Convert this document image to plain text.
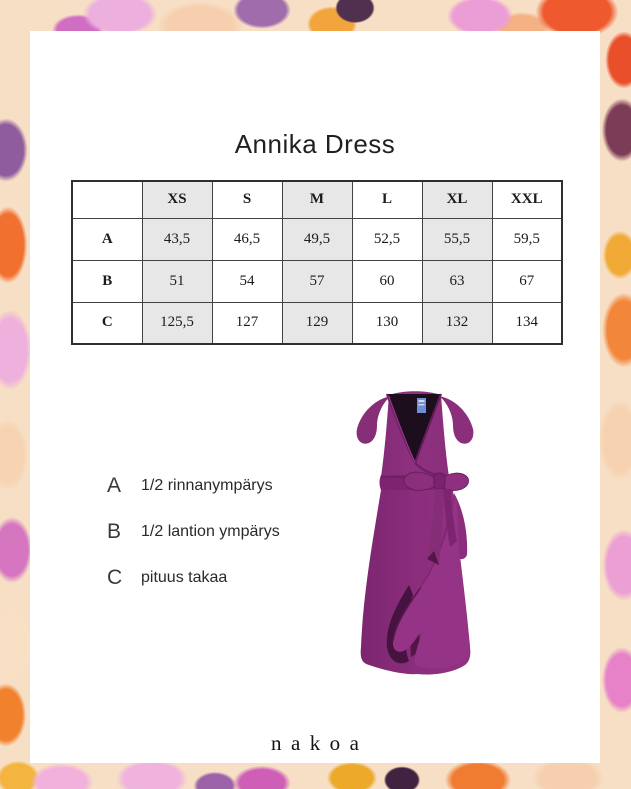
Annika Dress
	XS	S	M	L	XL	XXL
A	43,5	46,5	49,5	52,5	55,5	59,5
B	51	54	57	60	63	67
C	125,5	127	129	130	132	134
A	1/2 rinnanympärys
B	1/2 lantion ympärys
C	pituus takaa

nakoa
